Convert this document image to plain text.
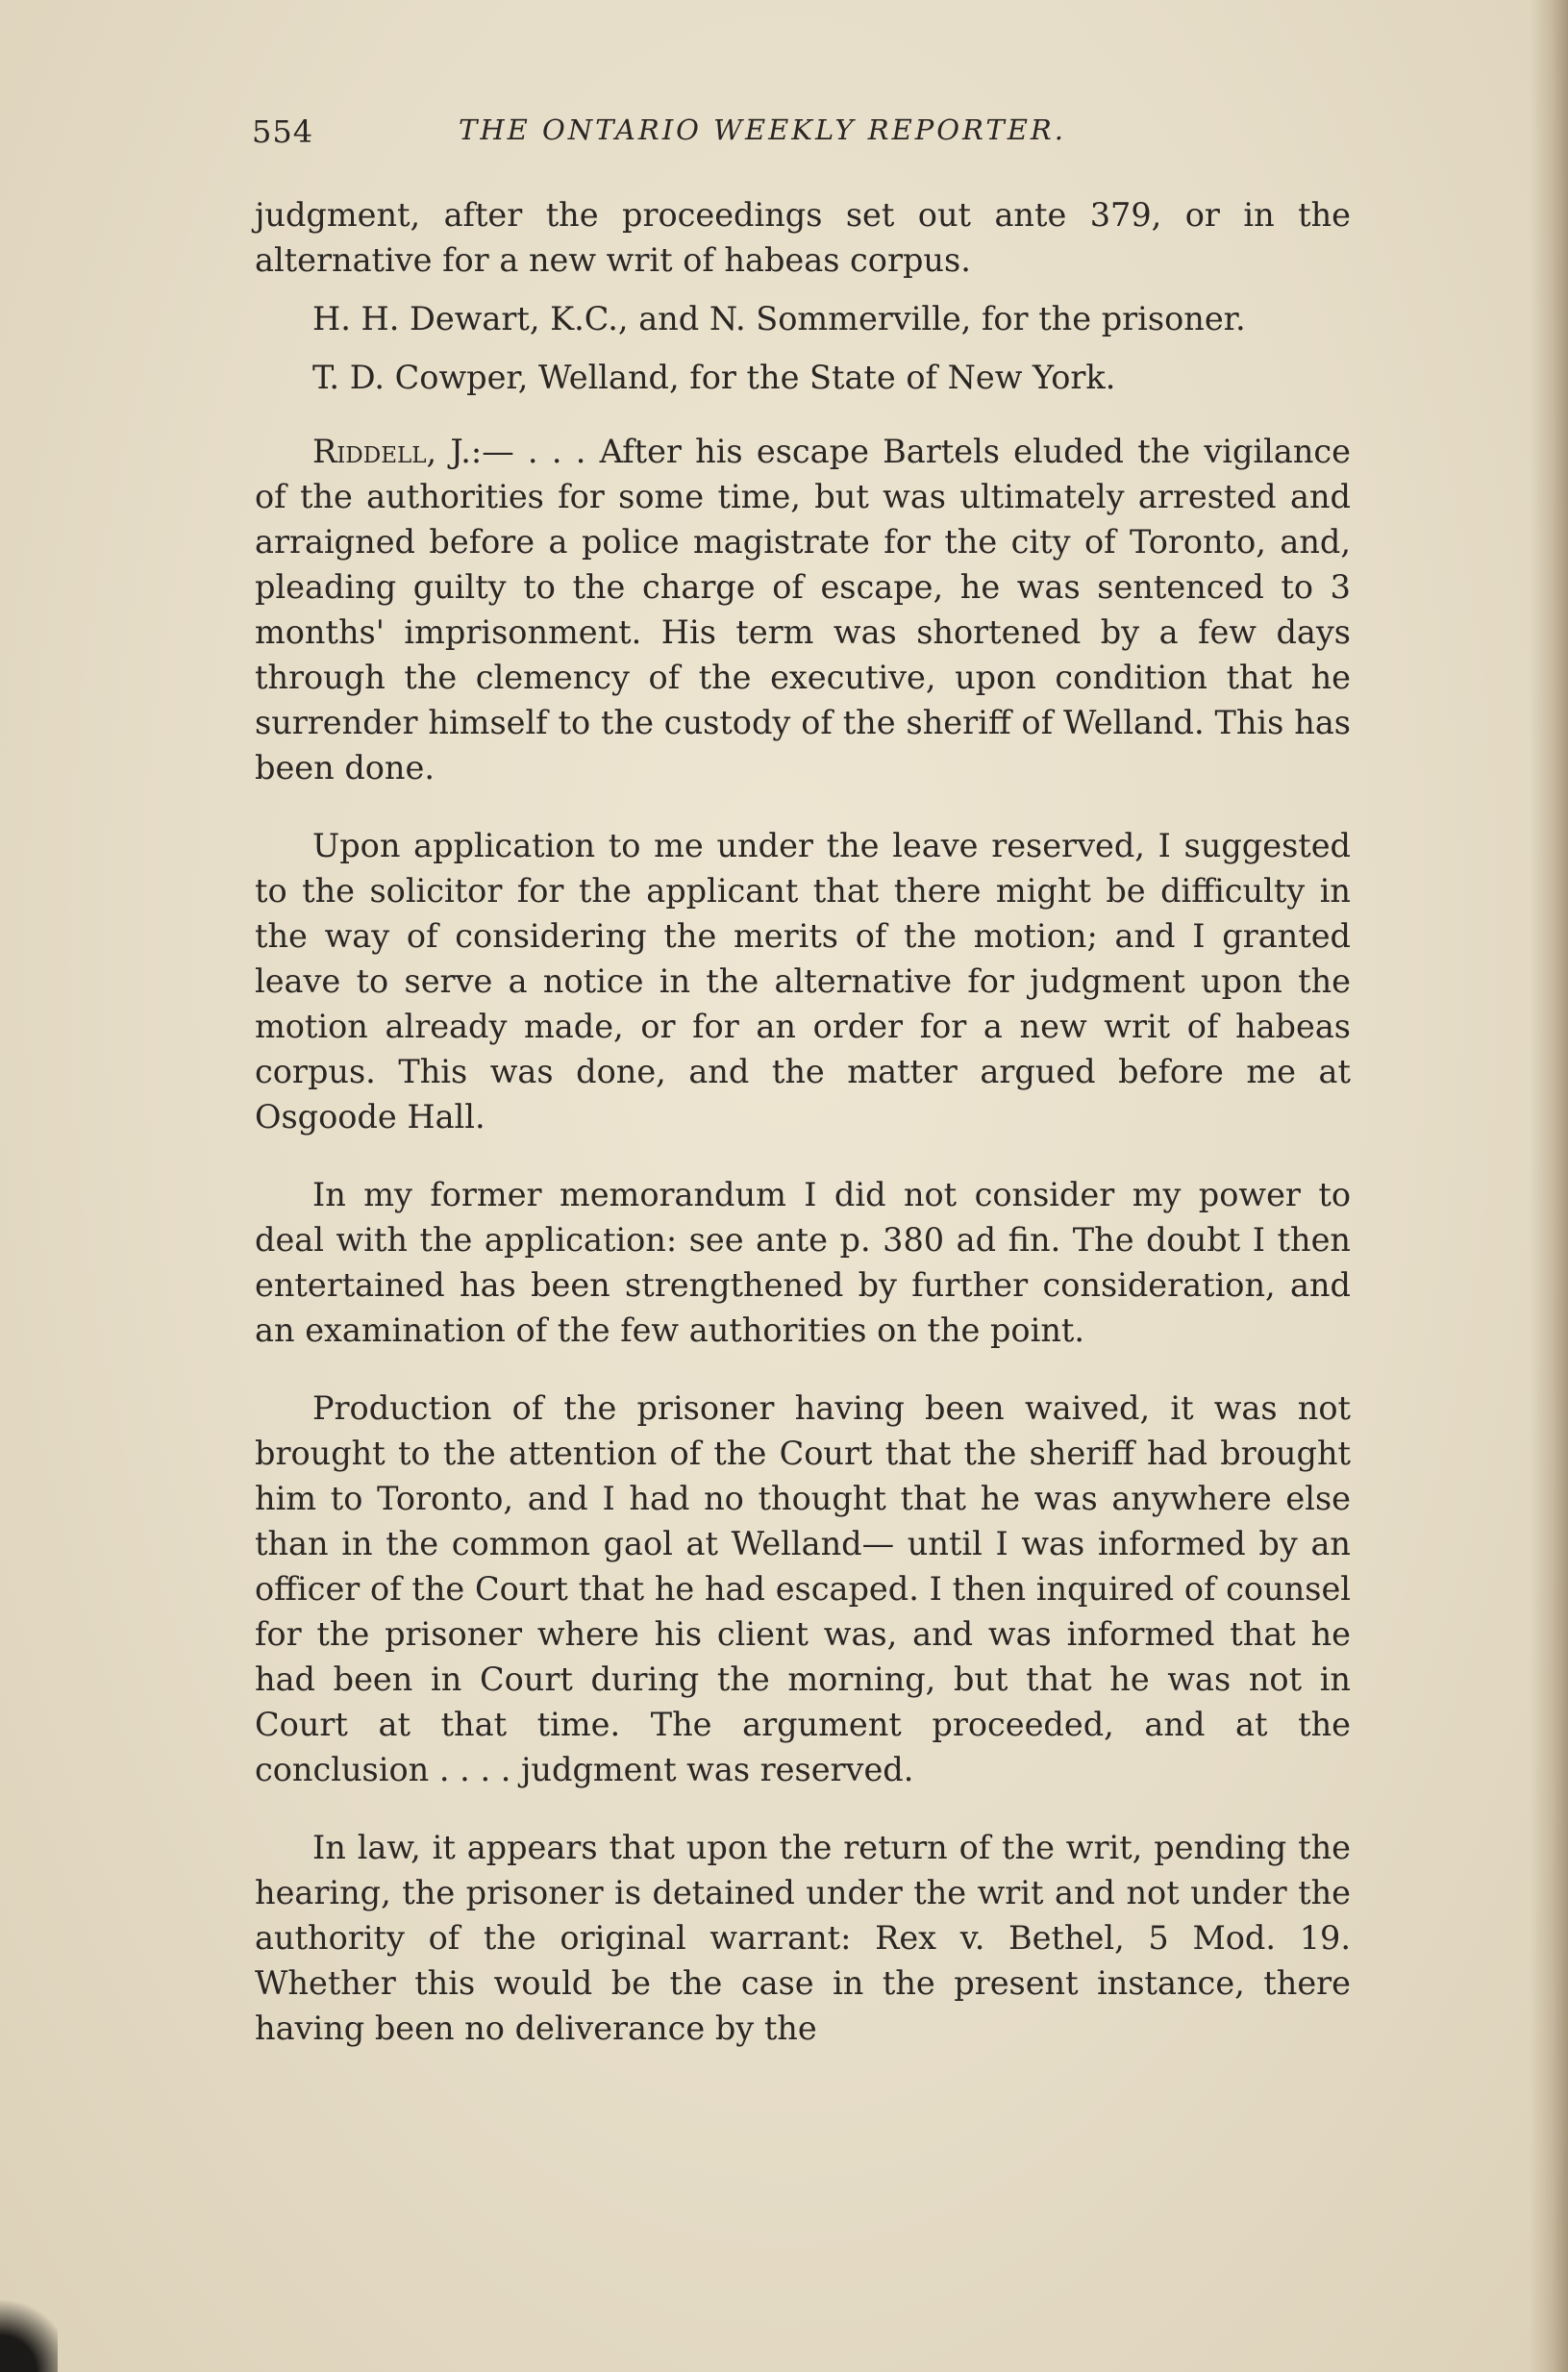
554	THE ONTARIO WEEKLY REPORTER.

judgment, after the proceedings set out ante 379, or in the alternative for a new writ of habeas corpus.

H. H. Dewart, K.C., and N. Sommerville, for the prisoner.

T. D. Cowper, Welland, for the State of New York.

Riddell, J.:— . . . After his escape Bartels eluded the vigilance of the authorities for some time, but was ultimately arrested and arraigned before a police magistrate for the city of Toronto, and, pleading guilty to the charge of escape, he was sentenced to 3 months' imprisonment. His term was shortened by a few days through the clemency of the executive, upon condition that he surrender himself to the custody of the sheriff of Welland. This has been done.

Upon application to me under the leave reserved, I suggested to the solicitor for the applicant that there might be difficulty in the way of considering the merits of the motion; and I granted leave to serve a notice in the alternative for judgment upon the motion already made, or for an order for a new writ of habeas corpus. This was done, and the matter argued before me at Osgoode Hall.

In my former memorandum I did not consider my power to deal with the application: see ante p. 380 ad fin. The doubt I then entertained has been strengthened by further consideration, and an examination of the few authorities on the point.

Production of the prisoner having been waived, it was not brought to the attention of the Court that the sheriff had brought him to Toronto, and I had no thought that he was anywhere else than in the common gaol at Welland— until I was informed by an officer of the Court that he had escaped. I then inquired of counsel for the prisoner where his client was, and was informed that he had been in Court during the morning, but that he was not in Court at that time. The argument proceeded, and at the conclusion . . . . judgment was reserved.

In law, it appears that upon the return of the writ, pending the hearing, the prisoner is detained under the writ and not under the authority of the original warrant: Rex v. Bethel, 5 Mod. 19. Whether this would be the case in the present instance, there having been no deliverance by the
